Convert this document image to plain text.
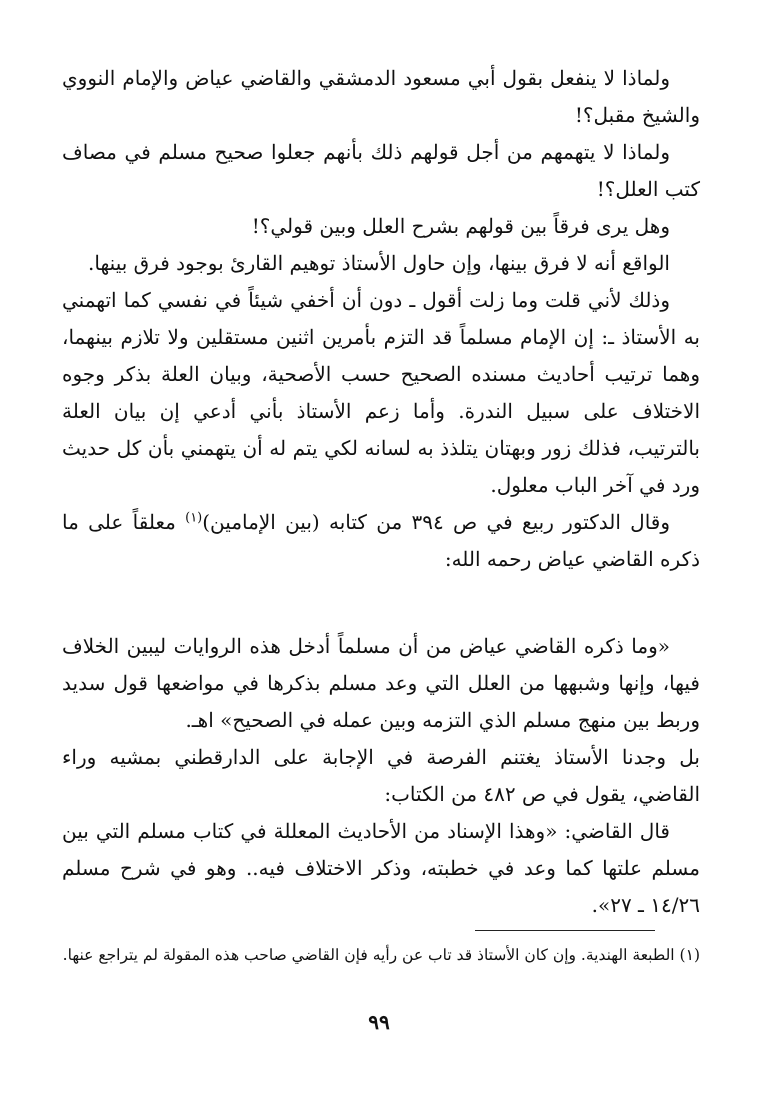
ولماذا لا ينفعل بقول أبي مسعود الدمشقي والقاضي عياض والإمام النووي والشيخ مقبل؟!

ولماذا لا يتهمهم من أجل قولهم ذلك بأنهم جعلوا صحيح مسلم في مصاف كتب العلل؟!

وهل يرى فرقاً بين قولهم بشرح العلل وبين قولي؟!

الواقع أنه لا فرق بينها، وإن حاول الأستاذ توهيم القارئ بوجود فرق بينها.

وذلك لأني قلت وما زلت أقول ـ دون أن أخفي شيئاً في نفسي كما اتهمني به الأستاذ ـ: إن الإمام مسلماً قد التزم بأمرين اثنين مستقلين ولا تلازم بينهما، وهما ترتيب أحاديث مسنده الصحيح حسب الأصحية، وبيان العلة بذكر وجوه الاختلاف على سبيل الندرة. وأما زعم الأستاذ بأني أدعي إن بيان العلة بالترتيب، فذلك زور وبهتان يتلذذ به لسانه لكي يتم له أن يتهمني بأن كل حديث ورد في آخر الباب معلول.

وقال الدكتور ربيع في ص ٣٩٤ من كتابه (بين الإمامين)$^{(١)}$ معلقاً على ما ذكره القاضي عياض رحمه الله:

«وما ذكره القاضي عياض من أن مسلماً أدخل هذه الروايات ليبين الخلاف فيها، وإنها وشبهها من العلل التي وعد مسلم بذكرها في مواضعها قول سديد وربط بين منهج مسلم الذي التزمه وبين عمله في الصحيح» اهـ.

بل وجدنا الأستاذ يغتنم الفرصة في الإجابة على الدارقطني بمشيه وراء القاضي، يقول في ص ٤٨٢ من الكتاب:

قال القاضي: «وهذا الإسناد من الأحاديث المعللة في كتاب مسلم التي بين مسلم علتها كما وعد في خطبته، وذكر الاختلاف فيه.. وهو في شرح مسلم ١٤/٢٦ ـ ٢٧».

(١) الطبعة الهندية. وإن كان الأستاذ قد تاب عن رأيه فإن القاضي صاحب هذه المقولة لم يتراجع عنها.
٩٩
